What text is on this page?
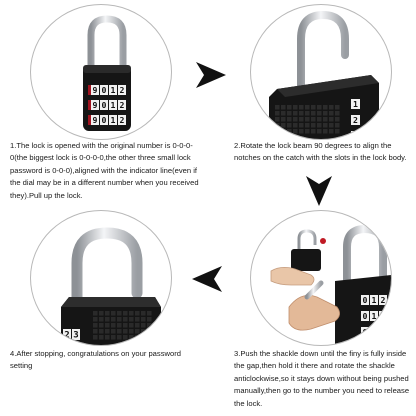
9 0 1 2
9 0 1 2
9 0 1 2

1.The lock is opened with the original number is 0-0-0-0(the biggest lock is 0-0-0-0,the other three small lock password is 0-0-0),aligned with the indicator line(even if the dial may be in a different number when you received they).Pull up the lock.

1
2
3

2.Rotate the lock beam 90 degrees to align the notches on the catch with the slots in the lock body.

0 1 2
0 1 2
0 1 2

3.Push the shackle down until the finy is fully inside the gap,then hold it there and rotate the shackle anticlockwise,so it stays down without being pushed manually,then go to the number you need to release the lock.

2 3

4.After stopping, congratulations on your password setting
